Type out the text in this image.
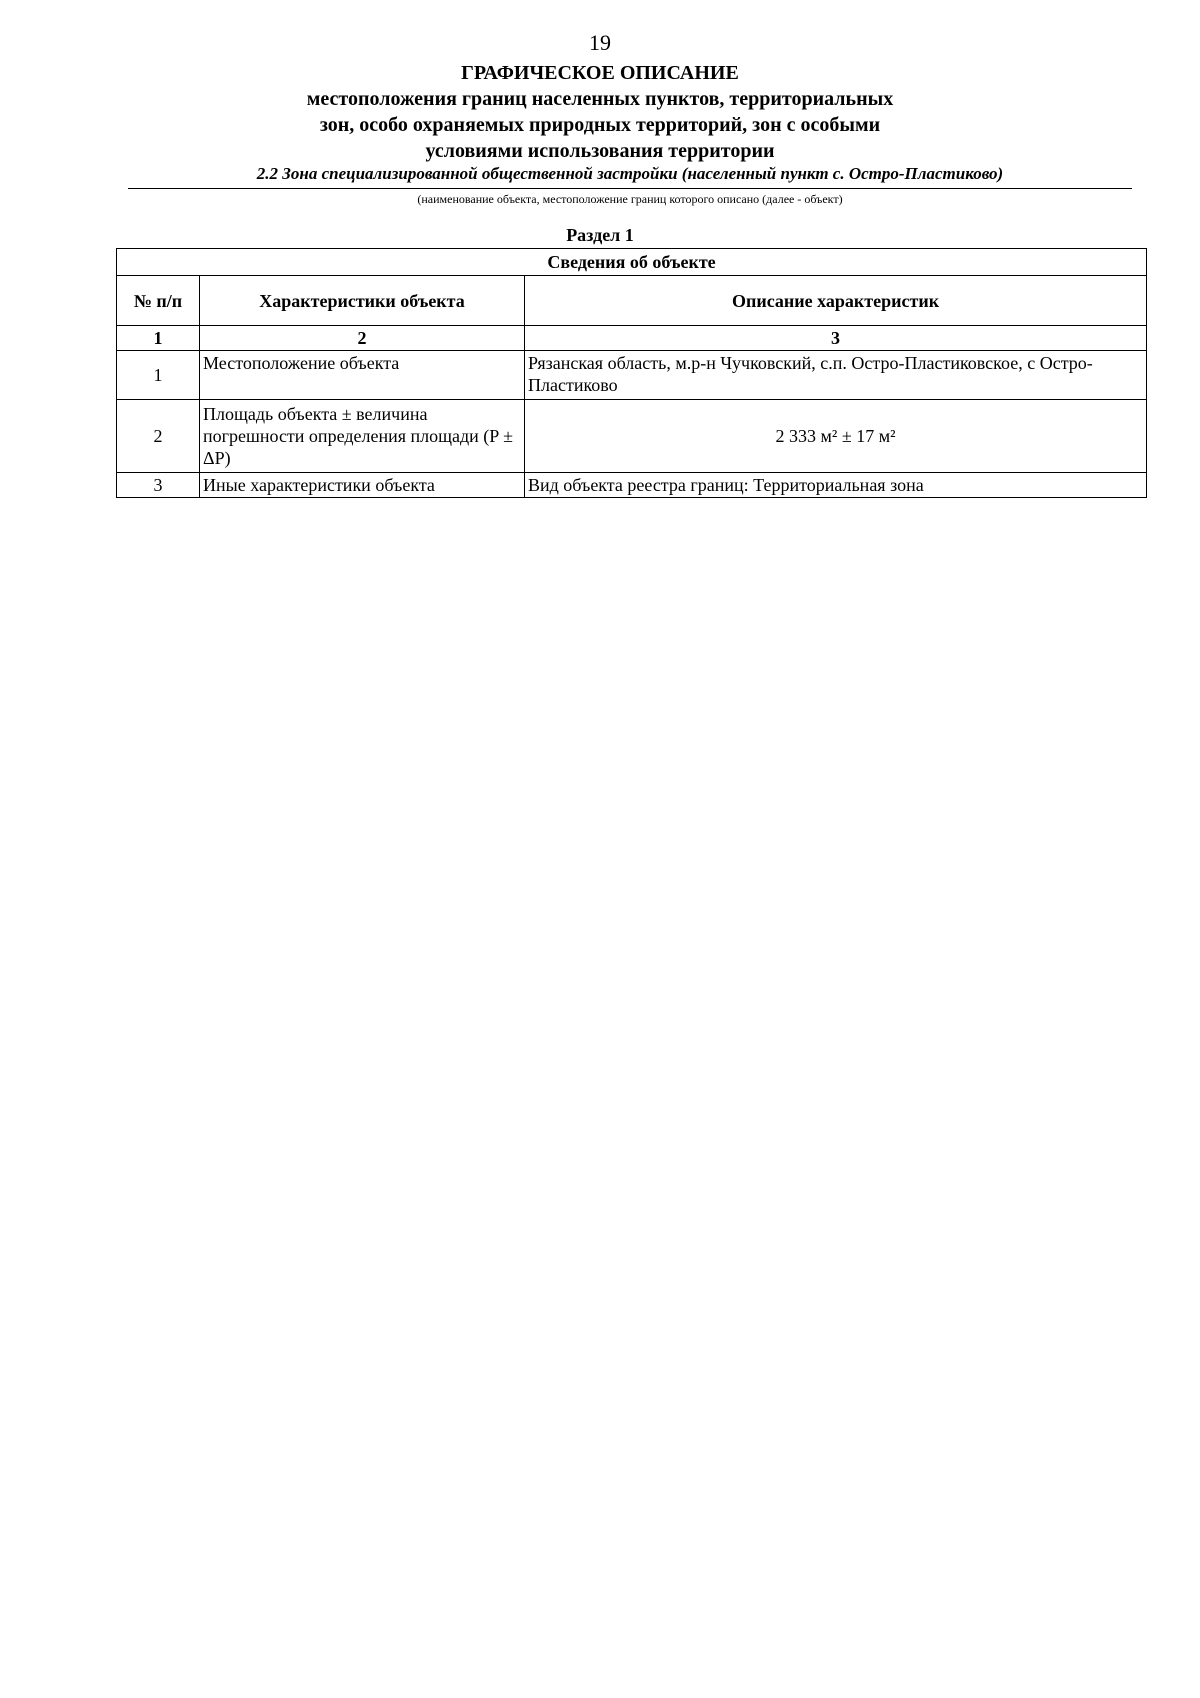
19
ГРАФИЧЕСКОЕ ОПИСАНИЕ
местоположения границ населенных пунктов, территориальных
зон, особо охраняемых природных территорий, зон с особыми
условиями использования территории
2.2 Зона специализированной общественной застройки (населенный пункт с. Остро-Пластиково)
(наименование объекта, местоположение границ которого описано (далее - объект)
Раздел 1
Сведения об объекте		
№ п/п	Характеристики объекта	Описание характеристик
1	2	3
1	Местоположение объекта	Рязанская область, м.р-н Чучковский, с.п. Остро-Пластиковское, с Остро-Пластиково
2	Площадь объекта ± величина погрешности определения площади (P ± ΔP)	2 333 м² ± 17 м²
3	Иные характеристики объекта	Вид объекта реестра границ: Территориальная зона
